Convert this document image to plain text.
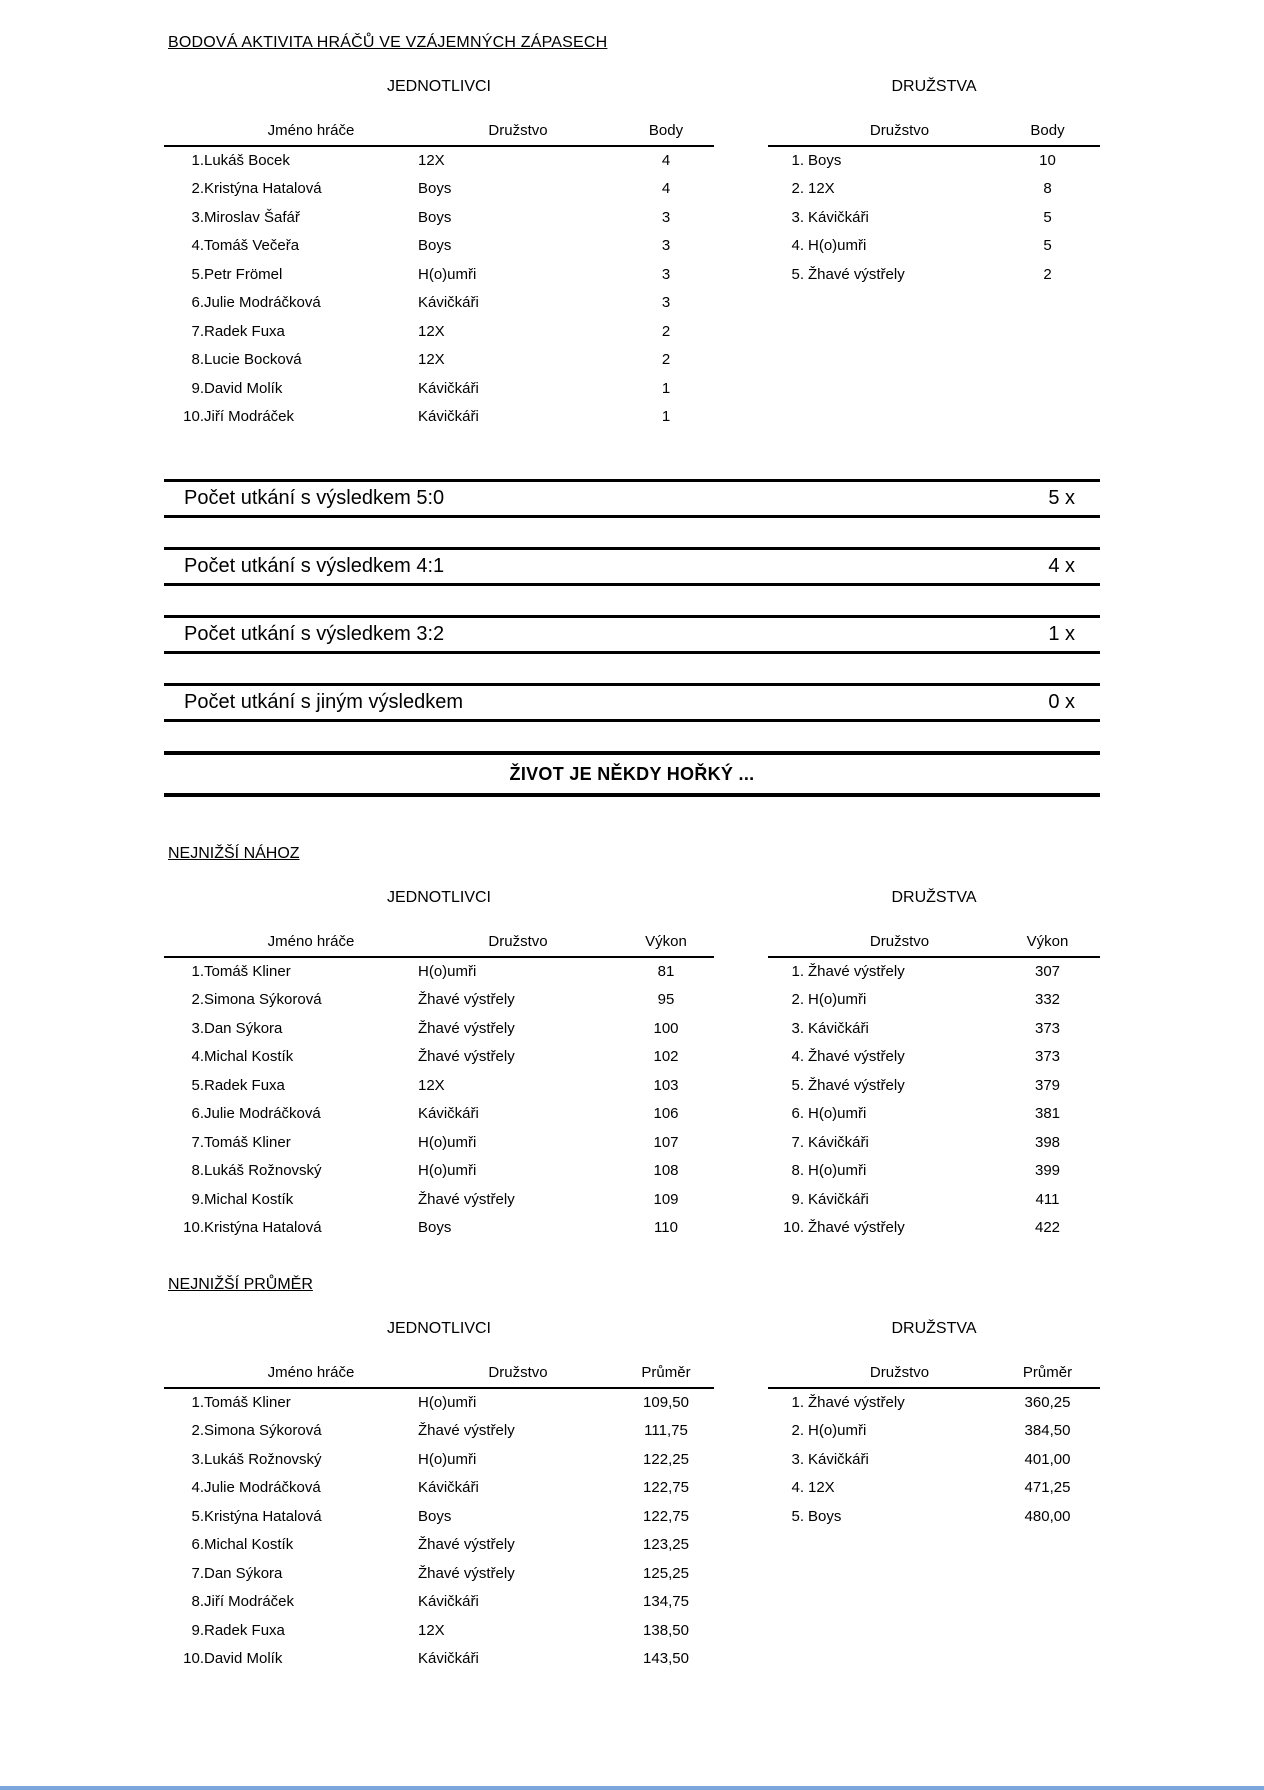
BODOVÁ AKTIVITA HRÁČŮ VE VZÁJEMNÝCH ZÁPASECH
JEDNOTLIVCI
	Jméno hráče	Družstvo	Body
1.	Lukáš Bocek	12X	4
2.	Kristýna Hatalová	Boys	4
3.	Miroslav Šafář	Boys	3
4.	Tomáš Večeřa	Boys	3
5.	Petr Frömel	H(o)umři	3
6.	Julie Modráčková	Kávičkáři	3
7.	Radek Fuxa	12X	2
8.	Lucie Bocková	12X	2
9.	David Molík	Kávičkáři	1
10.	Jiří Modráček	Kávičkáři	1
DRUŽSTVA
	Družstvo	Body
1.	Boys	10
2.	12X	8
3.	Kávičkáři	5
4.	H(o)umři	5
5.	Žhavé výstřely	2
Počet utkání s výsledkem 5:0	5 x
Počet utkání s výsledkem 4:1	4 x
Počet utkání s výsledkem 3:2	1 x
Počet utkání s jiným výsledkem	0 x
ŽIVOT JE NĚKDY HOŘKÝ ...
NEJNIŽŠÍ NÁHOZ
JEDNOTLIVCI
	Jméno hráče	Družstvo	Výkon
1.	Tomáš Kliner	H(o)umři	81
2.	Simona Sýkorová	Žhavé výstřely	95
3.	Dan Sýkora	Žhavé výstřely	100
4.	Michal Kostík	Žhavé výstřely	102
5.	Radek Fuxa	12X	103
6.	Julie Modráčková	Kávičkáři	106
7.	Tomáš Kliner	H(o)umři	107
8.	Lukáš Rožnovský	H(o)umři	108
9.	Michal Kostík	Žhavé výstřely	109
10.	Kristýna Hatalová	Boys	110
DRUŽSTVA
	Družstvo	Výkon
1.	Žhavé výstřely	307
2.	H(o)umři	332
3.	Kávičkáři	373
4.	Žhavé výstřely	373
5.	Žhavé výstřely	379
6.	H(o)umři	381
7.	Kávičkáři	398
8.	H(o)umři	399
9.	Kávičkáři	411
10.	Žhavé výstřely	422
NEJNIŽŠÍ PRŮMĚR
JEDNOTLIVCI
	Jméno hráče	Družstvo	Průměr
1.	Tomáš Kliner	H(o)umři	109,50
2.	Simona Sýkorová	Žhavé výstřely	111,75
3.	Lukáš Rožnovský	H(o)umři	122,25
4.	Julie Modráčková	Kávičkáři	122,75
5.	Kristýna Hatalová	Boys	122,75
6.	Michal Kostík	Žhavé výstřely	123,25
7.	Dan Sýkora	Žhavé výstřely	125,25
8.	Jiří Modráček	Kávičkáři	134,75
9.	Radek Fuxa	12X	138,50
10.	David Molík	Kávičkáři	143,50
DRUŽSTVA
	Družstvo	Průměr
1.	Žhavé výstřely	360,25
2.	H(o)umři	384,50
3.	Kávičkáři	401,00
4.	12X	471,25
5.	Boys	480,00
